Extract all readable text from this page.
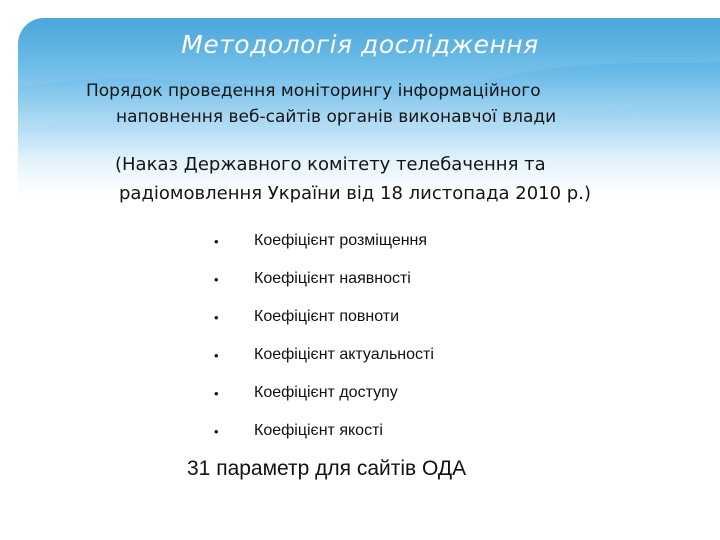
Методологія дослідження
Порядок проведення моніторингу інформаційного
наповнення веб-сайтів органів виконавчої влади
(Наказ Державного комітету телебачення та
радіомовлення України від 18 листопада 2010 р.)
•	Коефіцієнт розміщення
•	Коефіцієнт наявності
•	Коефіцієнт повноти
•	Коефіцієнт актуальності
•	Коефіцієнт доступу
•	Коефіцієнт якості
31 параметр для сайтів ОДА
